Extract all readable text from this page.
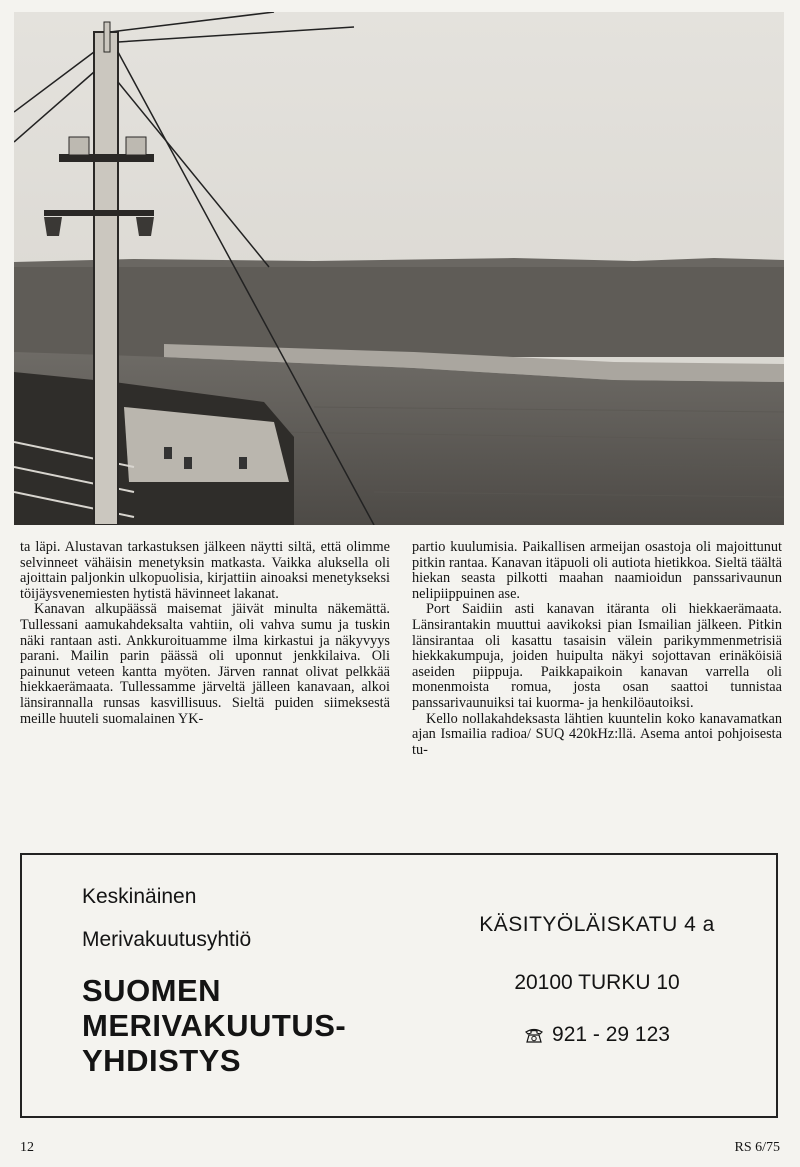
ta läpi. Alustavan tarkastuksen jälkeen näytti siltä, että olimme selvinneet vähäisin menetyksin matkasta. Vaikka aluksella oli ajoittain paljonkin ulkopuolisia, kirjattiin ainoaksi menetykseksi töijäysvenemiesten hytistä hävinneet lakanat.

Kanavan alkupäässä maisemat jäivät minulta näkemättä. Tullessani aamukahdeksalta vahtiin, oli vahva sumu ja tuskin näki rantaan asti. Ankkuroituamme ilma kirkastui ja näkyvyys parani. Mailin parin päässä oli uponnut jenkkilaiva. Oli painunut veteen kantta myöten. Järven rannat olivat pelkkää hiekkaerämaata. Tullessamme järveltä jälleen kanavaan, alkoi länsirannalla runsas kasvillisuus. Sieltä puiden siimeksestä meille huuteli suomalainen YK-

partio kuulumisia. Paikallisen armeijan osastoja oli majoittunut pitkin rantaa. Kanavan itäpuoli oli autiota hietikkoa. Sieltä täältä hiekan seasta pilkotti maahan naamioidun panssarivaunun nelipiippuinen ase.

Port Saidiin asti kanavan itäranta oli hiekkaerämaata. Länsirantakin muuttui aavikoksi pian Ismailian jälkeen. Pitkin länsirantaa oli kasattu tasaisin välein parikymmenmetrisiä hiekkakumpuja, joiden huipulta näkyi sojottavan erinäköisiä aseiden piippuja. Paikkapaikoin kanavan varrella oli monenmoista romua, josta osan saattoi tunnistaa panssarivaunuiksi tai kuorma- ja henkilöautoiksi.

Kello nollakahdeksasta lähtien kuuntelin koko kanavamatkan ajan Ismailia radioa/ SUQ 420kHz:llä. Asema antoi pohjoisesta tu-

Keskinäinen
Merivakuutusyhtiö
SUOMEN
MERIVAKUUTUS-
YHDISTYS
KÄSITYÖLÄISKATU 4 a
20100 TURKU 10
921 - 29 123
12	RS 6/75
